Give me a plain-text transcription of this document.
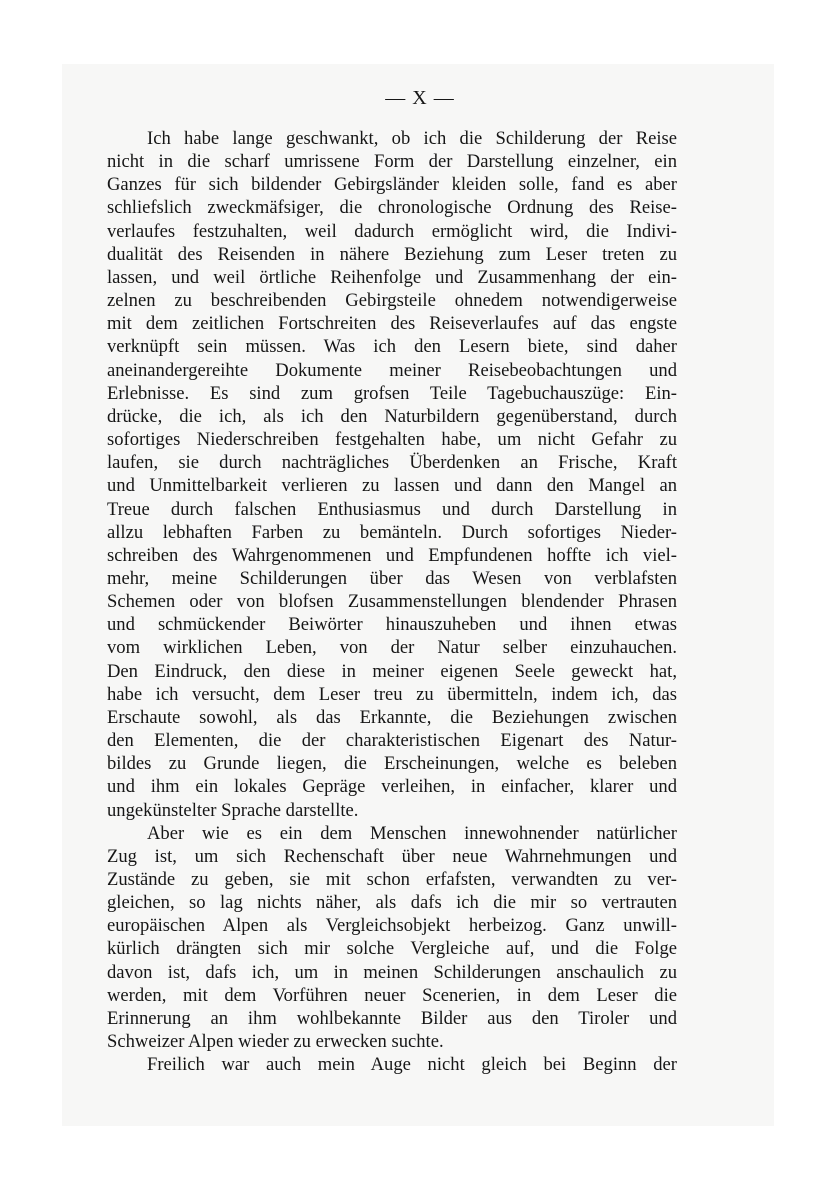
— X —
Ich habe lange geschwankt, ob ich die Schilderung der Reise
nicht in die scharf umrissene Form der Darstellung einzelner, ein
Ganzes für sich bildender Gebirgsländer kleiden solle, fand es aber
schliefslich zweckmäfsiger, die chronologische Ordnung des Reise-
verlaufes festzuhalten, weil dadurch ermöglicht wird, die Indivi-
dualität des Reisenden in nähere Beziehung zum Leser treten zu
lassen, und weil örtliche Reihenfolge und Zusammenhang der ein-
zelnen zu beschreibenden Gebirgsteile ohnedem notwendigerweise
mit dem zeitlichen Fortschreiten des Reiseverlaufes auf das engste
verknüpft sein müssen. Was ich den Lesern biete, sind daher
aneinandergereihte Dokumente meiner Reisebeobachtungen und
Erlebnisse. Es sind zum grofsen Teile Tagebuchauszüge: Ein-
drücke, die ich, als ich den Naturbildern gegenüberstand, durch
sofortiges Niederschreiben festgehalten habe, um nicht Gefahr zu
laufen, sie durch nachträgliches Überdenken an Frische, Kraft
und Unmittelbarkeit verlieren zu lassen und dann den Mangel an
Treue durch falschen Enthusiasmus und durch Darstellung in
allzu lebhaften Farben zu bemänteln. Durch sofortiges Nieder-
schreiben des Wahrgenommenen und Empfundenen hoffte ich viel-
mehr, meine Schilderungen über das Wesen von verblafsten
Schemen oder von blofsen Zusammenstellungen blendender Phrasen
und schmückender Beiwörter hinauszuheben und ihnen etwas
vom wirklichen Leben, von der Natur selber einzuhauchen.
Den Eindruck, den diese in meiner eigenen Seele geweckt hat,
habe ich versucht, dem Leser treu zu übermitteln, indem ich, das
Erschaute sowohl, als das Erkannte, die Beziehungen zwischen
den Elementen, die der charakteristischen Eigenart des Natur-
bildes zu Grunde liegen, die Erscheinungen, welche es beleben
und ihm ein lokales Gepräge verleihen, in einfacher, klarer und
ungekünstelter Sprache darstellte.
Aber wie es ein dem Menschen innewohnender natürlicher
Zug ist, um sich Rechenschaft über neue Wahrnehmungen und
Zustände zu geben, sie mit schon erfafsten, verwandten zu ver-
gleichen, so lag nichts näher, als dafs ich die mir so vertrauten
europäischen Alpen als Vergleichsobjekt herbeizog. Ganz unwill-
kürlich drängten sich mir solche Vergleiche auf, und die Folge
davon ist, dafs ich, um in meinen Schilderungen anschaulich zu
werden, mit dem Vorführen neuer Scenerien, in dem Leser die
Erinnerung an ihm wohlbekannte Bilder aus den Tiroler und
Schweizer Alpen wieder zu erwecken suchte.
Freilich war auch mein Auge nicht gleich bei Beginn der
